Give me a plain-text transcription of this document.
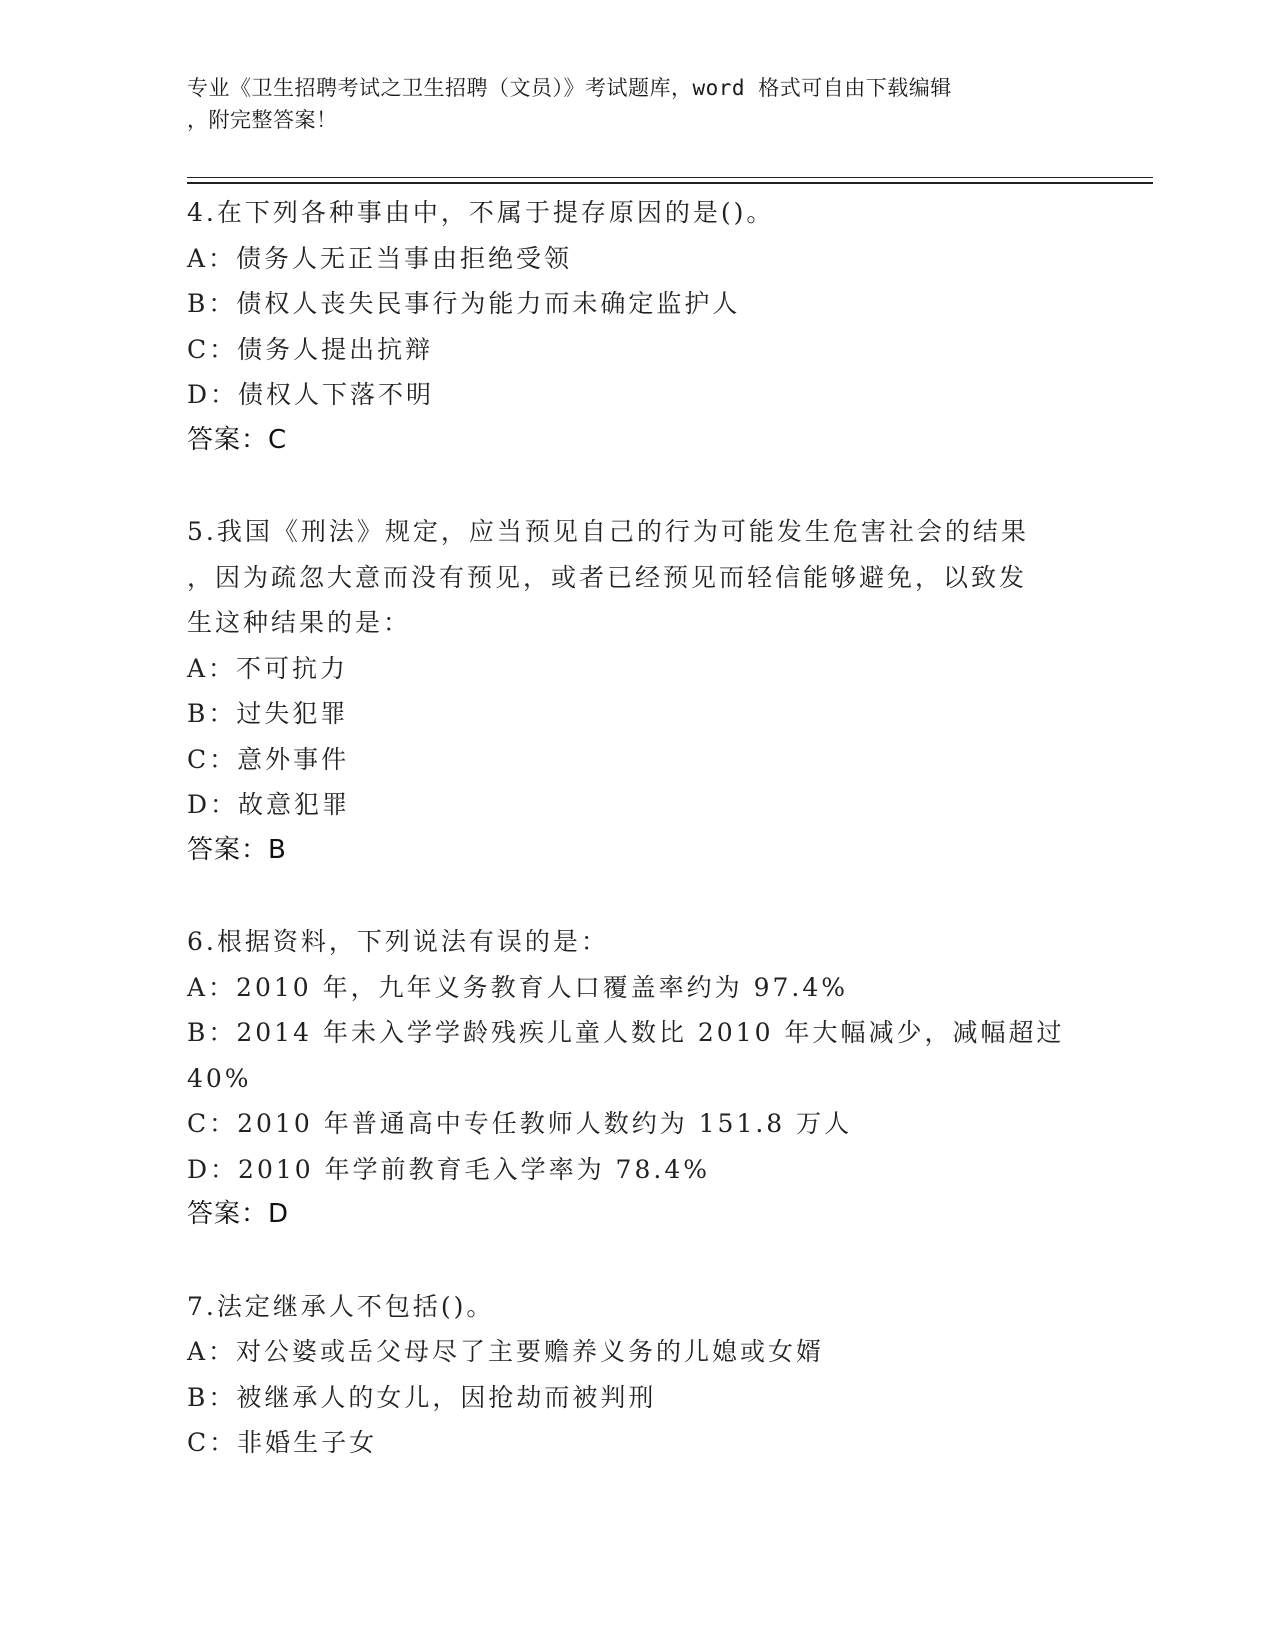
专业《卫生招聘考试之卫生招聘（文员）》考试题库，word 格式可自由下载编辑
，附完整答案！
4.在下列各种事由中，不属于提存原因的是()。
A：债务人无正当事由拒绝受领
B：债权人丧失民事行为能力而未确定监护人
C：债务人提出抗辩
D：债权人下落不明
答案：C
5.我国《刑法》规定，应当预见自己的行为可能发生危害社会的结果
，因为疏忽大意而没有预见，或者已经预见而轻信能够避免，以致发
生这种结果的是：
A：不可抗力
B：过失犯罪
C：意外事件
D：故意犯罪
答案：B
6.根据资料，下列说法有误的是：
A：2010 年，九年义务教育人口覆盖率约为 97.4%
B：2014 年未入学学龄残疾儿童人数比 2010 年大幅减少，减幅超过
40%
C：2010 年普通高中专任教师人数约为 151.8 万人
D：2010 年学前教育毛入学率为 78.4%
答案：D
7.法定继承人不包括()。
A：对公婆或岳父母尽了主要赡养义务的儿媳或女婿
B：被继承人的女儿，因抢劫而被判刑
C：非婚生子女
